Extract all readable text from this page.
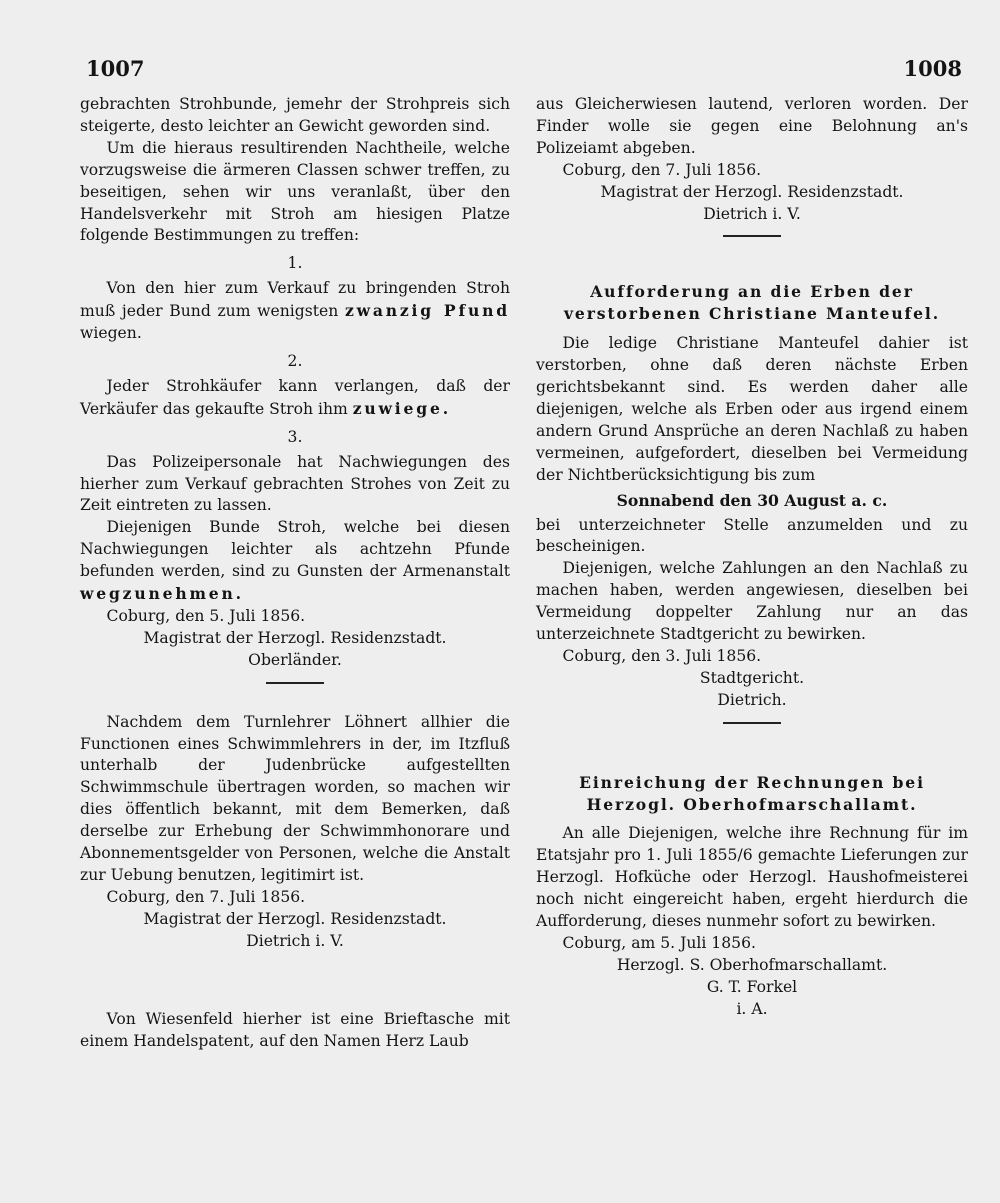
1007	1008

gebrachten Strohbunde, jemehr der Strohpreis sich steigerte, desto leichter an Gewicht geworden sind.

Um die hieraus resultirenden Nachtheile, welche vorzugsweise die ärmeren Classen schwer treffen, zu beseitigen, sehen wir uns veranlaßt, über den Handelsverkehr mit Stroh am hiesigen Platze folgende Bestimmungen zu treffen:

1.

Von den hier zum Verkauf zu bringenden Stroh muß jeder Bund zum wenigsten zwanzig Pfund wiegen.

2.

Jeder Strohkäufer kann verlangen, daß der Verkäufer das gekaufte Stroh ihm zuwiege.

3.

Das Polizeipersonale hat Nachwiegungen des hierher zum Verkauf gebrachten Strohes von Zeit zu Zeit eintreten zu lassen.

Diejenigen Bunde Stroh, welche bei diesen Nachwiegungen leichter als achtzehn Pfunde befunden werden, sind zu Gunsten der Armenanstalt wegzunehmen.

Coburg, den 5. Juli 1856.

Magistrat der Herzogl. Residenzstadt.
Oberländer.

Nachdem dem Turnlehrer Löhnert allhier die Functionen eines Schwimmlehrers in der, im Itzfluß unterhalb der Judenbrücke aufgestellten Schwimmschule übertragen worden, so machen wir dies öffentlich bekannt, mit dem Bemerken, daß derselbe zur Erhebung der Schwimmhonorare und Abonnementsgelder von Personen, welche die Anstalt zur Uebung benutzen, legitimirt ist.

Coburg, den 7. Juli 1856.

Magistrat der Herzogl. Residenzstadt.
Dietrich i. V.

Von Wiesenfeld hierher ist eine Brieftasche mit einem Handelspatent, auf den Namen Herz Laub

aus Gleicherwiesen lautend, verloren worden. Der Finder wolle sie gegen eine Belohnung an's Polizeiamt abgeben.

Coburg, den 7. Juli 1856.

Magistrat der Herzogl. Residenzstadt.
Dietrich i. V.
Aufforderung an die Erben der verstorbenen Christiane Manteufel.

Die ledige Christiane Manteufel dahier ist verstorben, ohne daß deren nächste Erben gerichtsbekannt sind. Es werden daher alle diejenigen, welche als Erben oder aus irgend einem andern Grund Ansprüche an deren Nachlaß zu haben vermeinen, aufgefordert, dieselben bei Vermeidung der Nichtberücksichtigung bis zum

Sonnabend den 30 August a. c.

bei unterzeichneter Stelle anzumelden und zu bescheinigen.

Diejenigen, welche Zahlungen an den Nachlaß zu machen haben, werden angewiesen, dieselben bei Vermeidung doppelter Zahlung nur an das unterzeichnete Stadtgericht zu bewirken.

Coburg, den 3. Juli 1856.

Stadtgericht.
Dietrich.
Einreichung der Rechnungen bei Herzogl. Oberhofmarschallamt.

An alle Diejenigen, welche ihre Rechnung für im Etatsjahr pro 1. Juli 1855/6 gemachte Lieferungen zur Herzogl. Hofküche oder Herzogl. Haushofmeisterei noch nicht eingereicht haben, ergeht hierdurch die Aufforderung, dieses nunmehr sofort zu bewirken.

Coburg, am 5. Juli 1856.

Herzogl. S. Oberhofmarschallamt.
G. T. Forkel
i. A.
